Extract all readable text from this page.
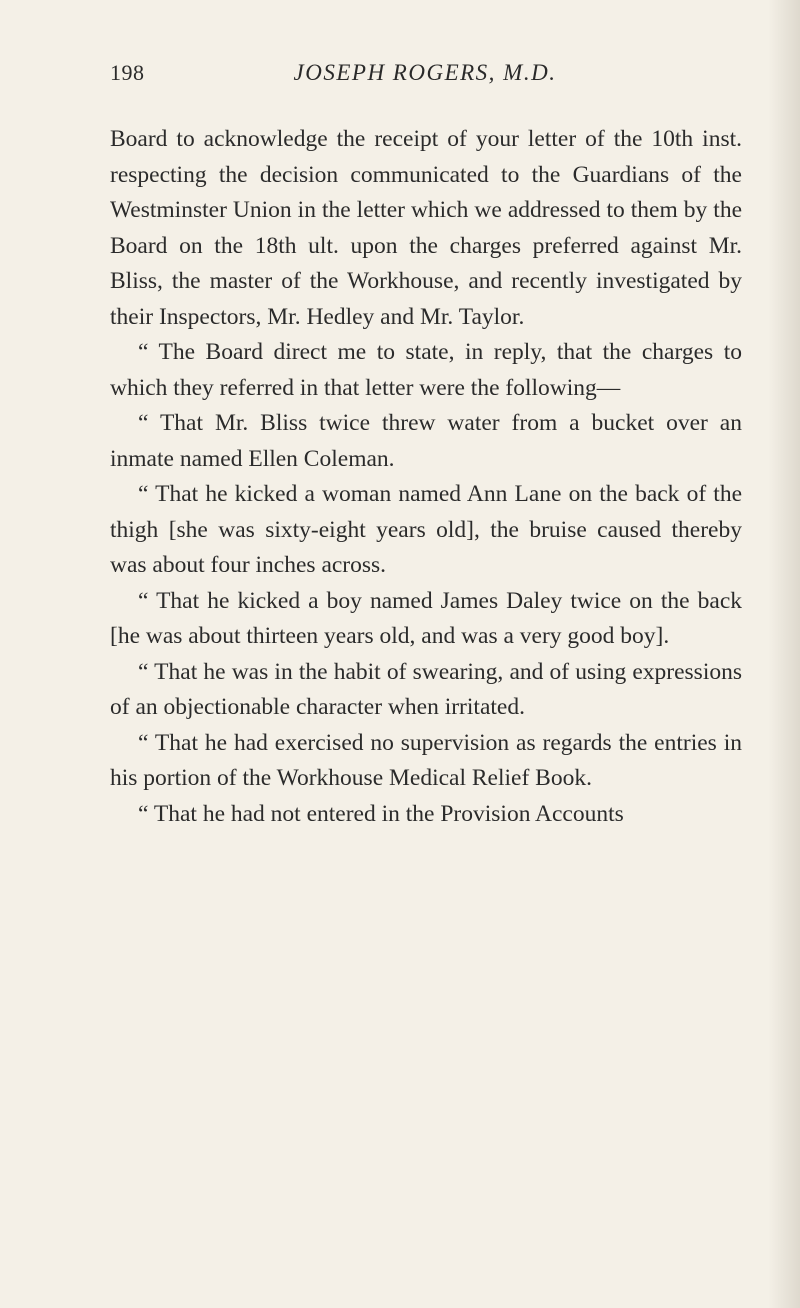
198	JOSEPH ROGERS, M.D.

Board to acknowledge the receipt of your letter of the 10th inst. respecting the decision communicated to the Guardians of the Westminster Union in the letter which we addressed to them by the Board on the 18th ult. upon the charges preferred against Mr. Bliss, the master of the Workhouse, and recently investigated by their Inspectors, Mr. Hedley and Mr. Taylor.

“ The Board direct me to state, in reply, that the charges to which they referred in that letter were the following—

“ That Mr. Bliss twice threw water from a bucket over an inmate named Ellen Coleman.

“ That he kicked a woman named Ann Lane on the back of the thigh [she was sixty-eight years old], the bruise caused thereby was about four inches across.

“ That he kicked a boy named James Daley twice on the back [he was about thirteen years old, and was a very good boy].

“ That he was in the habit of swearing, and of using expressions of an objectionable character when irritated.

“ That he had exercised no supervision as regards the entries in his portion of the Workhouse Medical Relief Book.

“ That he had not entered in the Provision Accounts
